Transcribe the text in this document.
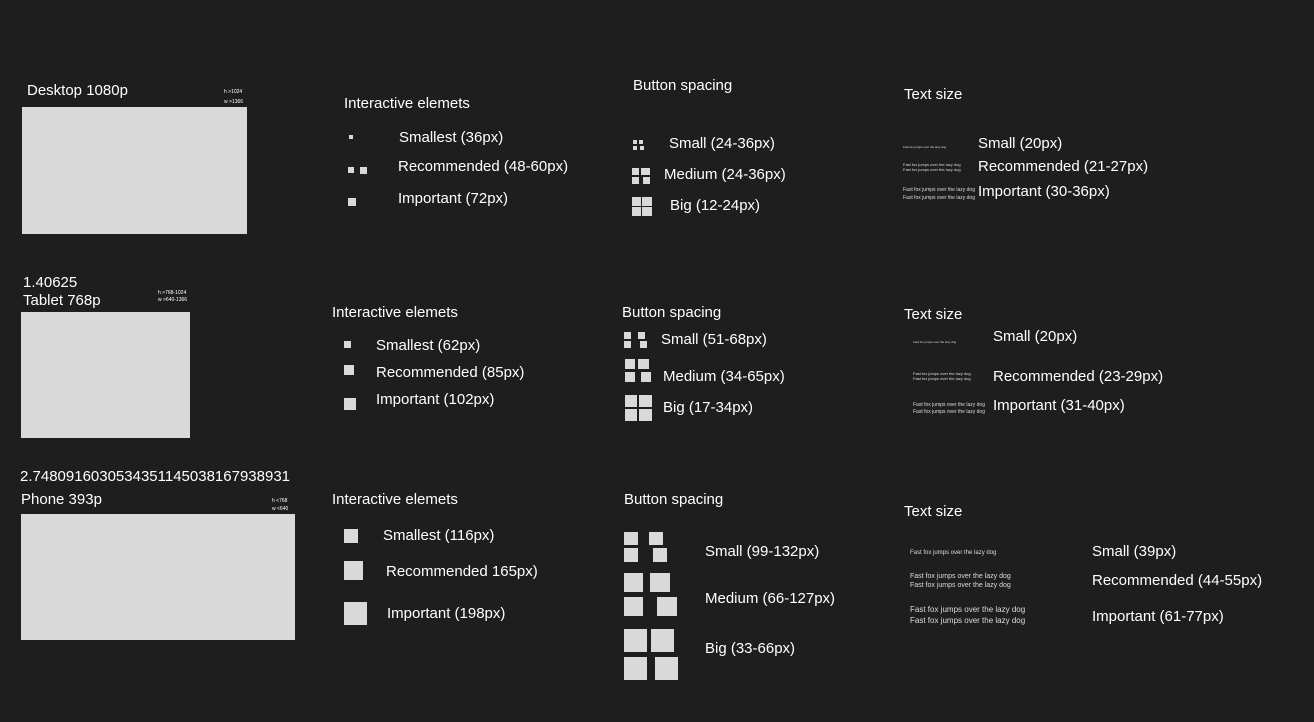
Desktop 1080p	h >1024
w >1366	Interactive elemets
Smallest (36px)
Recommended (48-60px)
Important (72px)
Button spacing
Small (24-36px)
Medium (24-36px)
Big (12-24px)
Text size
Fast fox jumps over the lazy dog Small (20px)
Fast fox jumps over the lazy dog
Fast fox jumps over the lazy dog Recommended (21-27px)
Fast fox jumps over the lazy dog
Fast fox jumps over the lazy dog Important (30-36px)
1.40625
Tablet 768p	h >768-1024
w >640-1366
Interactive elemets
Smallest (62px)
Recommended (85px)
Important (102px)
Button spacing
Small (51-68px)
Medium (34-65px)
Big (17-34px)
Text size
Fast fox jumps over the lazy dog Small (20px)
Fast fox jumps over the lazy dog
Fast fox jumps over the lazy dog Recommended (23-29px)
Fast fox jumps over the lazy dog
Fast fox jumps over the lazy dog Important (31-40px)
2.7480916030534351145038167938931
Phone 393p	h <768
w <640
Interactive elemets
Smallest (116px)
Recommended 165px)
Important (198px)
Button spacing
Small (99-132px)
Medium (66-127px)
Big (33-66px)
Text size
Fast fox jumps over the lazy dog	Small (39px)
Fast fox jumps over the lazy dog
Fast fox jumps over the lazy dog	Recommended (44-55px)
Fast fox jumps over the lazy dog
Fast fox jumps over the lazy dog	Important (61-77px)
